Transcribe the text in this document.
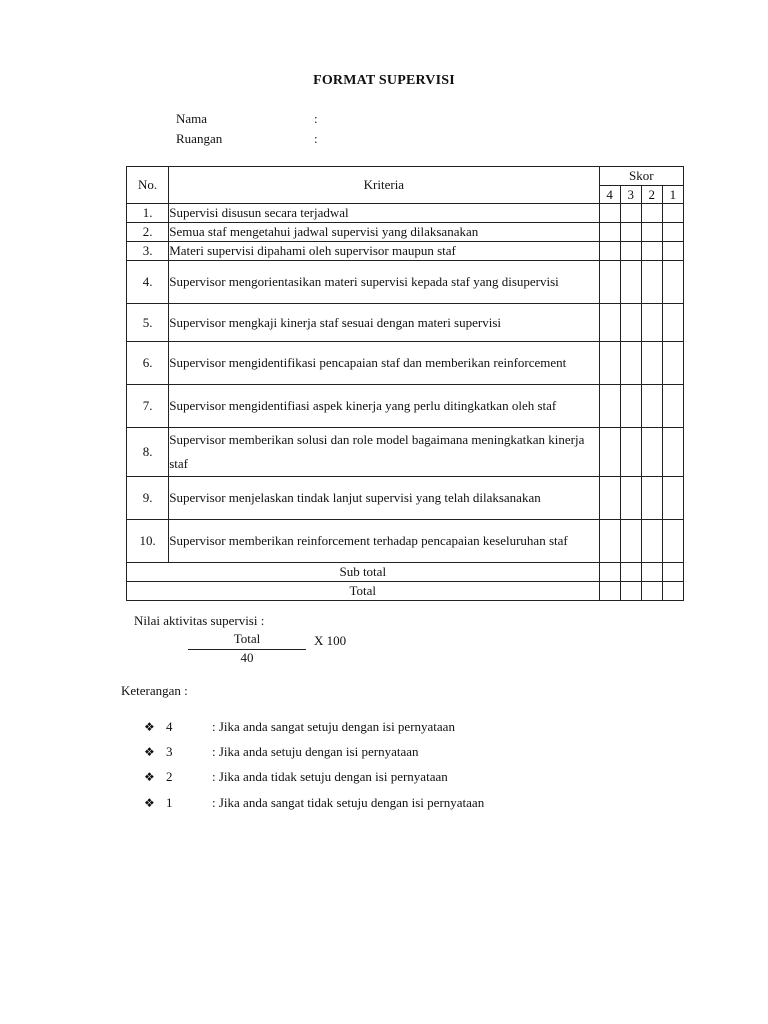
FORMAT SUPERVISI
Nama	:
Ruangan	:
No.	Kriteria	Skor			
		4	3	2	1
1.	Supervisi disusun secara terjadwal				
2.	Semua staf mengetahui jadwal supervisi yang dilaksanakan				
3.	Materi supervisi dipahami oleh supervisor maupun staf				
4.	Supervisor mengorientasikan materi supervisi kepada staf yang disupervisi				
5.	Supervisor mengkaji kinerja staf sesuai dengan materi supervisi				
6.	Supervisor mengidentifikasi pencapaian staf dan memberikan reinforcement				
7.	Supervisor mengidentifiasi aspek kinerja yang perlu ditingkatkan oleh staf				
8.	Supervisor memberikan solusi dan role model bagaimana meningkatkan kinerja staf				
9.	Supervisor menjelaskan tindak lanjut supervisi yang telah dilaksanakan				
10.	Supervisor memberikan reinforcement terhadap pencapaian keseluruhan staf				
Sub total					
Total					
Nilai aktivitas supervisi :
Total
40
X 100
Keterangan :
❖ 4	: Jika anda sangat setuju dengan isi pernyataan
❖ 3	: Jika anda setuju dengan isi pernyataan
❖ 2	: Jika anda tidak setuju dengan isi pernyataan
❖ 1	: Jika anda sangat tidak setuju dengan isi pernyataan
